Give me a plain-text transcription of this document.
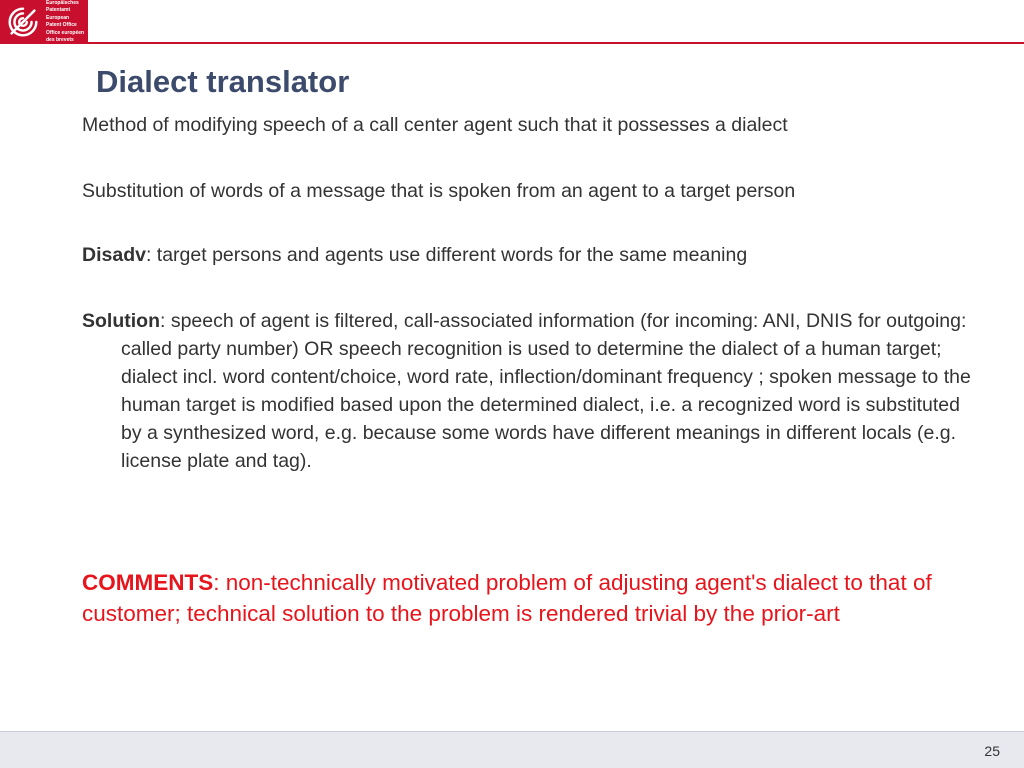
Europäisches
Patentamt
European
Patent Office
Office européen
des brevets
Dialect translator

Method of modifying speech of a call center agent such that it possesses a dialect

Substitution of words of a message that is spoken from an agent to a target person

Disadv: target persons and agents use different words for the same meaning

Solution: speech of agent is filtered, call-associated information (for incoming: ANI, DNIS for outgoing: called party number) OR speech recognition is used to determine the dialect of a human target; dialect incl. word content/choice, word rate, inflection/dominant frequency ; spoken message to the human target is modified based upon the determined dialect, i.e. a recognized word is substituted by a synthesized word, e.g. because some words have different meanings in different locals (e.g. license plate and tag).

COMMENTS: non-technically motivated problem of adjusting agent's dialect to that of customer; technical solution to the problem is rendered trivial by the prior-art

25
